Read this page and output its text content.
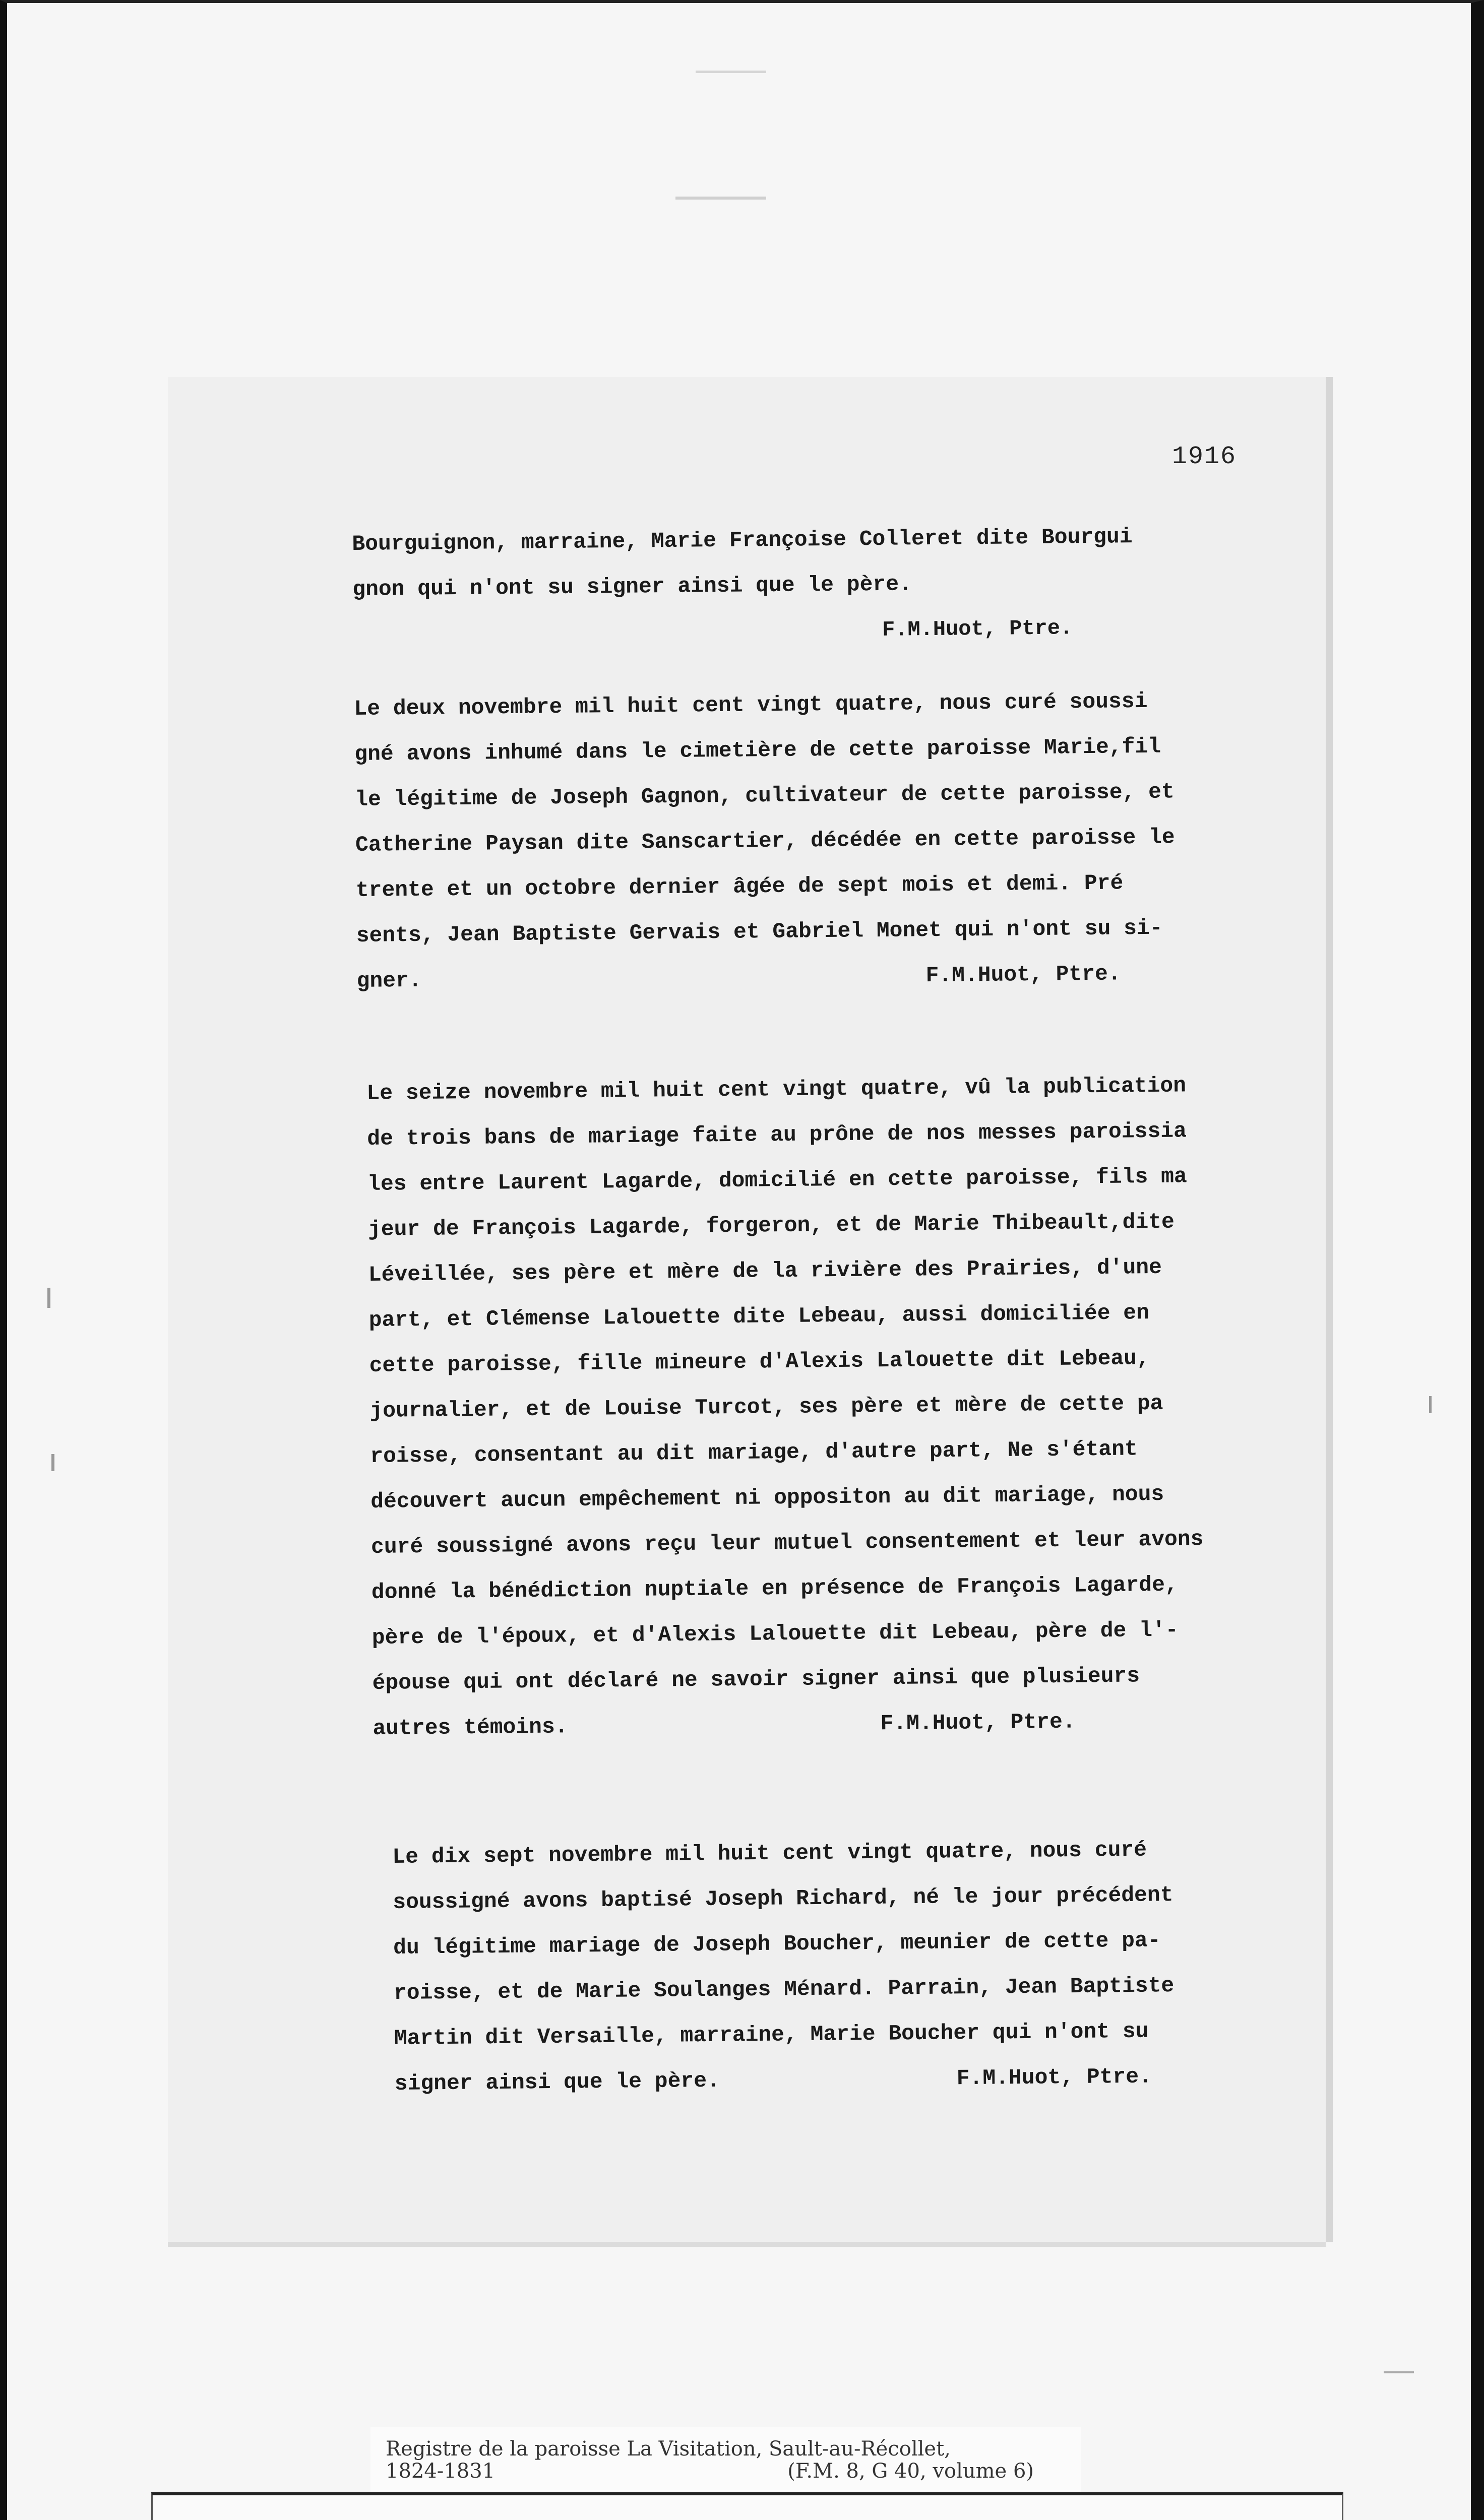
1916
Bourguignon, marraine, Marie Françoise Colleret dite Bourgui
gnon qui n'ont su signer ainsi que le père.
F.M.Huot, Ptre.
Le deux novembre mil huit cent vingt quatre, nous curé soussi
gné avons inhumé dans le cimetière de cette paroisse Marie,fil
le légitime de Joseph Gagnon, cultivateur de cette paroisse, et
Catherine Paysan dite Sanscartier, décédée en cette paroisse le
trente et un octobre dernier âgée de sept mois et demi. Pré
sents, Jean Baptiste Gervais et Gabriel Monet qui n'ont su si-
gner.	F.M.Huot, Ptre.
Le seize novembre mil huit cent vingt quatre, vû la publication
de trois bans de mariage faite au prône de nos messes paroissia
les entre Laurent Lagarde, domicilié en cette paroisse, fils ma
jeur de François Lagarde, forgeron, et de Marie Thibeault,dite
Léveillée, ses père et mère de la rivière des Prairies, d'une
part, et Clémense Lalouette dite Lebeau, aussi domiciliée en
cette paroisse, fille mineure d'Alexis Lalouette dit Lebeau,
journalier, et de Louise Turcot, ses père et mère de cette pa
roisse, consentant au dit mariage, d'autre part, Ne s'étant
découvert aucun empêchement ni oppositon au dit mariage, nous
curé soussigné avons reçu leur mutuel consentement et leur avons
donné la bénédiction nuptiale en présence de François Lagarde,
père de l'époux, et d'Alexis Lalouette dit Lebeau, père de l'-
épouse qui ont déclaré ne savoir signer ainsi que plusieurs
autres témoins.	F.M.Huot, Ptre.
Le dix sept novembre mil huit cent vingt quatre, nous curé
soussigné avons baptisé Joseph Richard, né le jour précédent
du légitime mariage de Joseph Boucher, meunier de cette pa-
roisse, et de Marie Soulanges Ménard. Parrain, Jean Baptiste
Martin dit Versaille, marraine, Marie Boucher qui n'ont su
signer ainsi que le père.	F.M.Huot, Ptre.
Registre de la paroisse La Visitation, Sault-au-Récollet,
1824-1831	(F.M. 8, G 40, volume 6)
